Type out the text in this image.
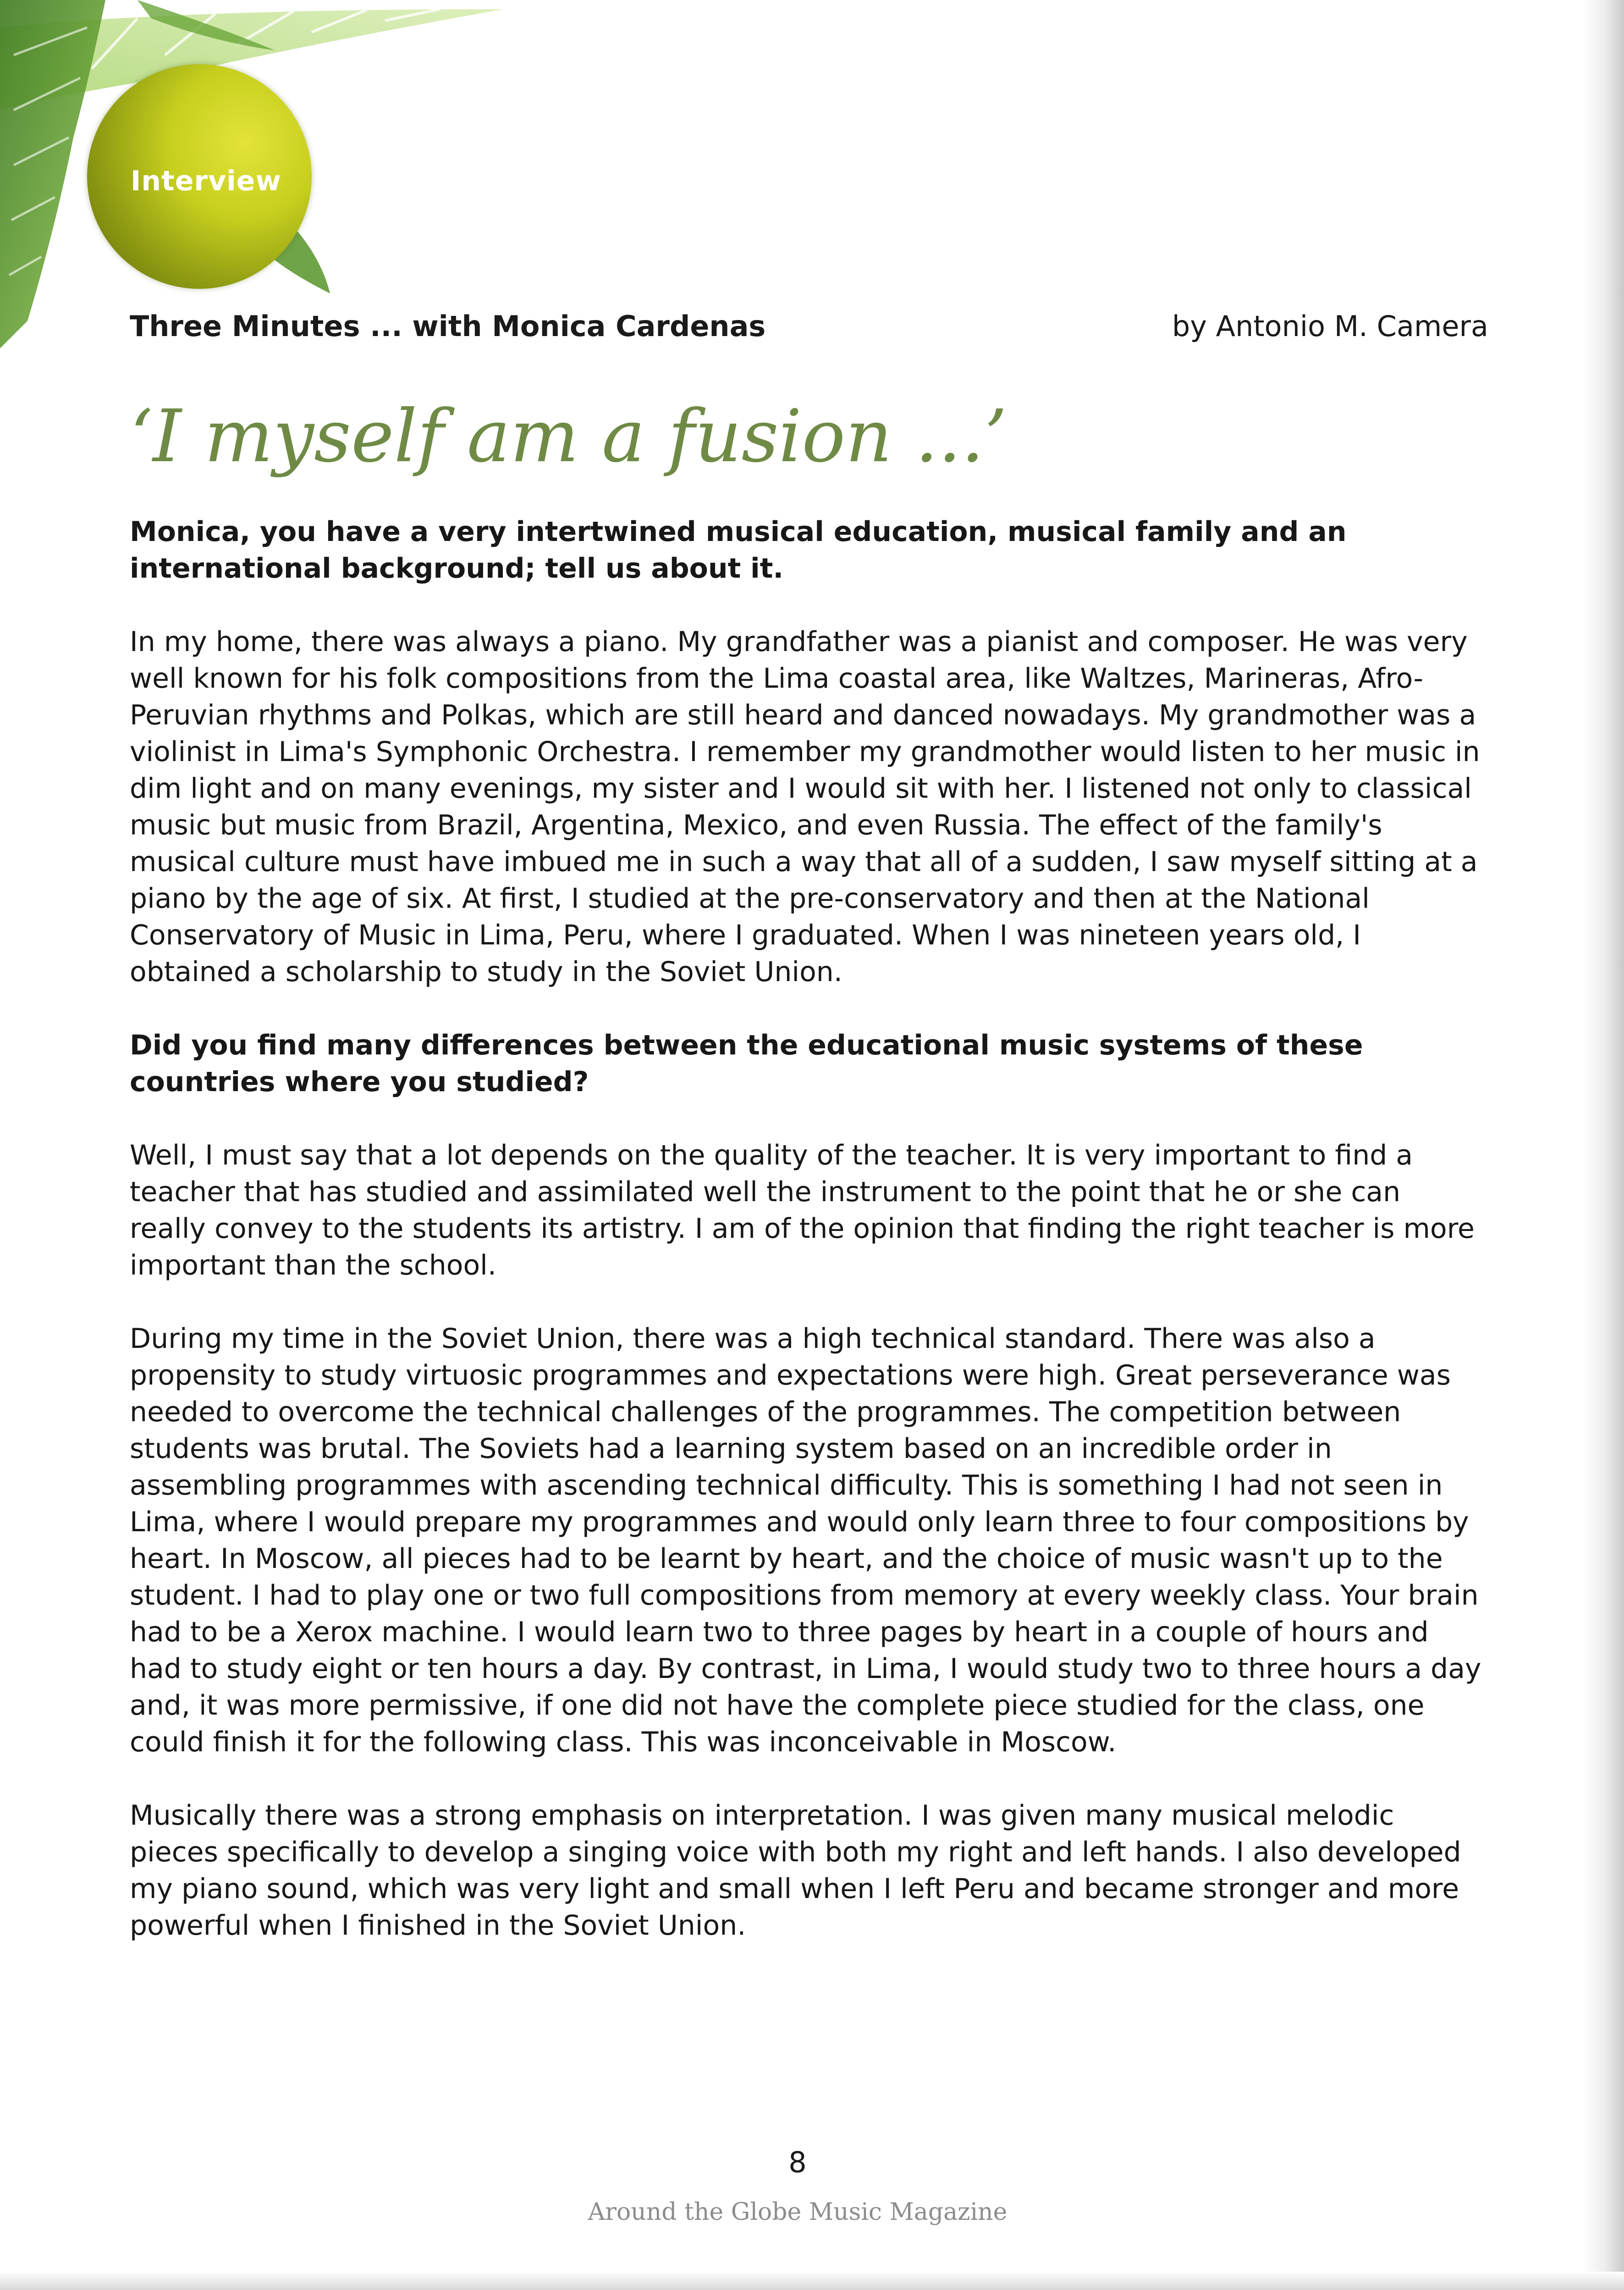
Interview
Three Minutes ... with Monica Cardenas	by Antonio M. Camera
‘I myself am a fusion ...’

Monica, you have a very intertwined musical education, musical family and an international background; tell us about it.

In my home, there was always a piano. My grandfather was a pianist and composer. He was very well known for his folk compositions from the Lima coastal area, like Waltzes, Marineras, Afro-Peruvian rhythms and Polkas, which are still heard and danced nowadays. My grandmother was a violinist in Lima's Symphonic Orchestra. I remember my grandmother would listen to her music in dim light and on many evenings, my sister and I would sit with her. I listened not only to classical music but music from Brazil, Argentina, Mexico, and even Russia. The effect of the family's musical culture must have imbued me in such a way that all of a sudden, I saw myself sitting at a piano by the age of six. At first, I studied at the pre-conservatory and then at the National Conservatory of Music in Lima, Peru, where I graduated. When I was nineteen years old, I obtained a scholarship to study in the Soviet Union.

Did you find many differences between the educational music systems of these countries where you studied?

Well, I must say that a lot depends on the quality of the teacher. It is very important to find a teacher that has studied and assimilated well the instrument to the point that he or she can really convey to the students its artistry. I am of the opinion that finding the right teacher is more important than the school.

During my time in the Soviet Union, there was a high technical standard. There was also a propensity to study virtuosic programmes and expectations were high. Great perseverance was needed to overcome the technical challenges of the programmes. The competition between students was brutal. The Soviets had a learning system based on an incredible order in assembling programmes with ascending technical difficulty. This is something I had not seen in Lima, where I would prepare my programmes and would only learn three to four compositions by heart. In Moscow, all pieces had to be learnt by heart, and the choice of music wasn't up to the student. I had to play one or two full compositions from memory at every weekly class. Your brain had to be a Xerox machine. I would learn two to three pages by heart in a couple of hours and had to study eight or ten hours a day. By contrast, in Lima, I would study two to three hours a day and, it was more permissive, if one did not have the complete piece studied for the class, one could finish it for the following class. This was inconceivable in Moscow.

Musically there was a strong emphasis on interpretation. I was given many musical melodic pieces specifically to develop a singing voice with both my right and left hands. I also developed my piano sound, which was very light and small when I left Peru and became stronger and more powerful when I finished in the Soviet Union.

8
Around the Globe Music Magazine
